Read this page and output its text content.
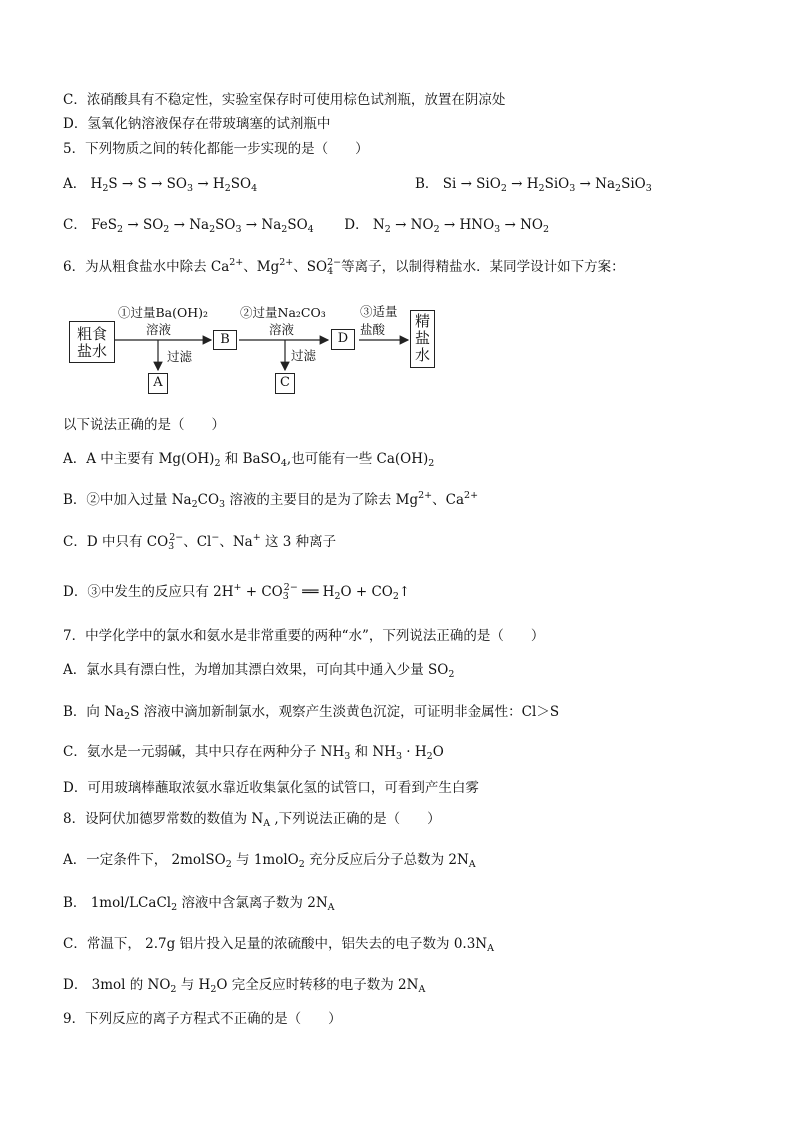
C．浓硝酸具有不稳定性，实验室保存时可使用棕色试剂瓶，放置在阴凉处
D．氢氧化钠溶液保存在带玻璃塞的试剂瓶中
5．下列物质之间的转化都能一步实现的是（　　）
A． $H_2S \to S \to SO_3 \to H_2SO_4$	B． $Si \to SiO_2 \to H_2SiO_3 \to Na_2SiO_3$
C． $FeS_2 \to SO_2 \to Na_2SO_3 \to Na_2SO_4$ D． $N_2 \to NO_2 \to HNO_3 \to NO_2$
6．为从粗食盐水中除去 $Ca^{2+}$、$Mg^{2+}$、$SO_4^{2-}$等离子，以制得精盐水．某同学设计如下方案：
粗食
盐水
①过量Ba(OH)₂
溶液
B
②过量Na₂CO₃
溶液
D
③适量
盐酸 精
盐
水
过滤
A
过滤
C
以下说法正确的是（　　）
A．A 中主要有 $Mg(OH)_2$ 和 BaSO$_4$,也可能有一些 $Ca(OH)_2$
B．②中加入过量 $Na_2CO_3$ 溶液的主要目的是为了除去 $Mg^{2+}$、$Ca^{2+}$
C．D 中只有 $CO_3^{2-}$、Cl−、Na+ 这 3 种离子
D．③中发生的反应只有 $2H^+ + CO_3^{2-}$ ══ $H_2O$ + $CO_2↑$
7．中学化学中的氯水和氨水是非常重要的两种“水”，下列说法正确的是（　　）
A．氯水具有漂白性，为增加其漂白效果，可向其中通入少量 $SO_2$
B．向 $Na_2S$ 溶液中滴加新制氯水，观察产生淡黄色沉淀，可证明非金属性：Cl＞S
C．氨水是一元弱碱，其中只存在两种分子 $NH_3$ 和 $NH_3 \cdot H_2O$
D．可用玻璃棒蘸取浓氨水靠近收集氯化氢的试管口，可看到产生白雾
8．设阿伏加德罗常数的数值为 $N_A$ ,下列说法正确的是（　　）
A．一定条件下， 2molSO$_2$ 与 1molO$_2$ 充分反应后分子总数为 $2N_A$
B． 1mol/LCaCl$_2$ 溶液中含氯离子数为 $2N_A$
C．常温下， 2.7g 铝片投入足量的浓硫酸中，铝失去的电子数为 $0.3N_A$
D． 3mol 的 $NO_2$ 与 $H_2O$ 完全反应时转移的电子数为 $2N_A$
9．下列反应的离子方程式不正确的是（　　）
